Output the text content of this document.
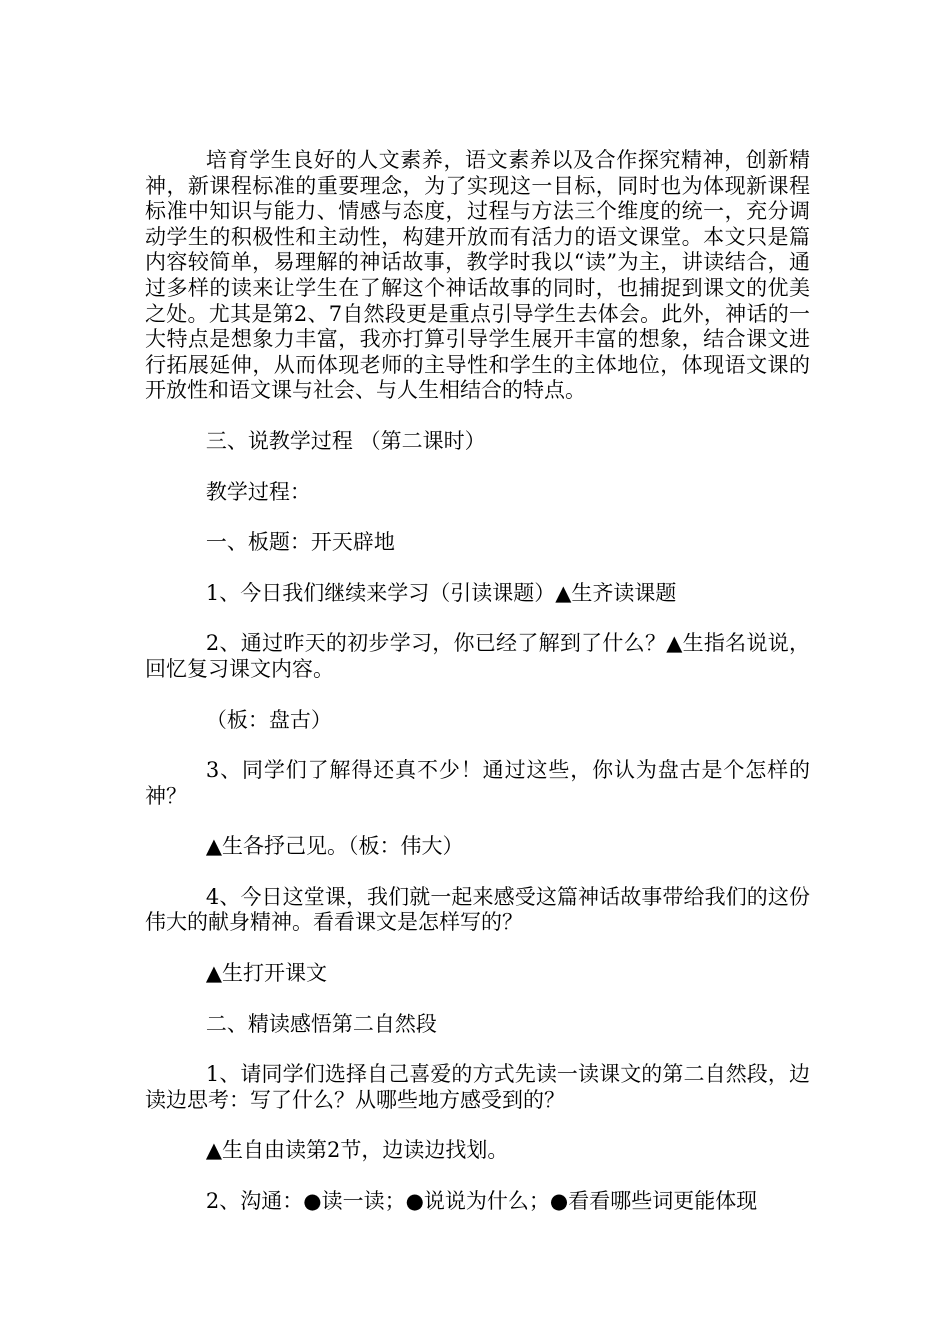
培育学生良好的人文素养，语文素养以及合作探究精神，创新精神，新课程标准的重要理念，为了实现这一目标，同时也为体现新课程标准中知识与能力、情感与态度，过程与方法三个维度的统一，充分调动学生的积极性和主动性，构建开放而有活力的语文课堂。本文只是篇内容较简单，易理解的神话故事，教学时我以“读”为主，讲读结合，通过多样的读来让学生在了解这个神话故事的同时，也捕捉到课文的优美之处。尤其是第2、7自然段更是重点引导学生去体会。此外，神话的一大特点是想象力丰富，我亦打算引导学生展开丰富的想象，结合课文进行拓展延伸，从而体现老师的主导性和学生的主体地位，体现语文课的开放性和语文课与社会、与人生相结合的特点。

三、说教学过程 （第二课时）

教学过程：

一、板题：开天辟地

1、今日我们继续来学习（引读课题）▲生齐读课题

2、通过昨天的初步学习，你已经了解到了什么？▲生指名说说，回忆复习课文内容。

（板：盘古）

3、同学们了解得还真不少！通过这些，你认为盘古是个怎样的神？

▲生各抒己见。（板：伟大）

4、今日这堂课，我们就一起来感受这篇神话故事带给我们的这份伟大的献身精神。看看课文是怎样写的？

▲生打开课文

二、精读感悟第二自然段

1、请同学们选择自己喜爱的方式先读一读课文的第二自然段，边读边思考：写了什么？从哪些地方感受到的？

▲生自由读第2节，边读边找划。

2、沟通：●读一读；●说说为什么；●看看哪些词更能体现
